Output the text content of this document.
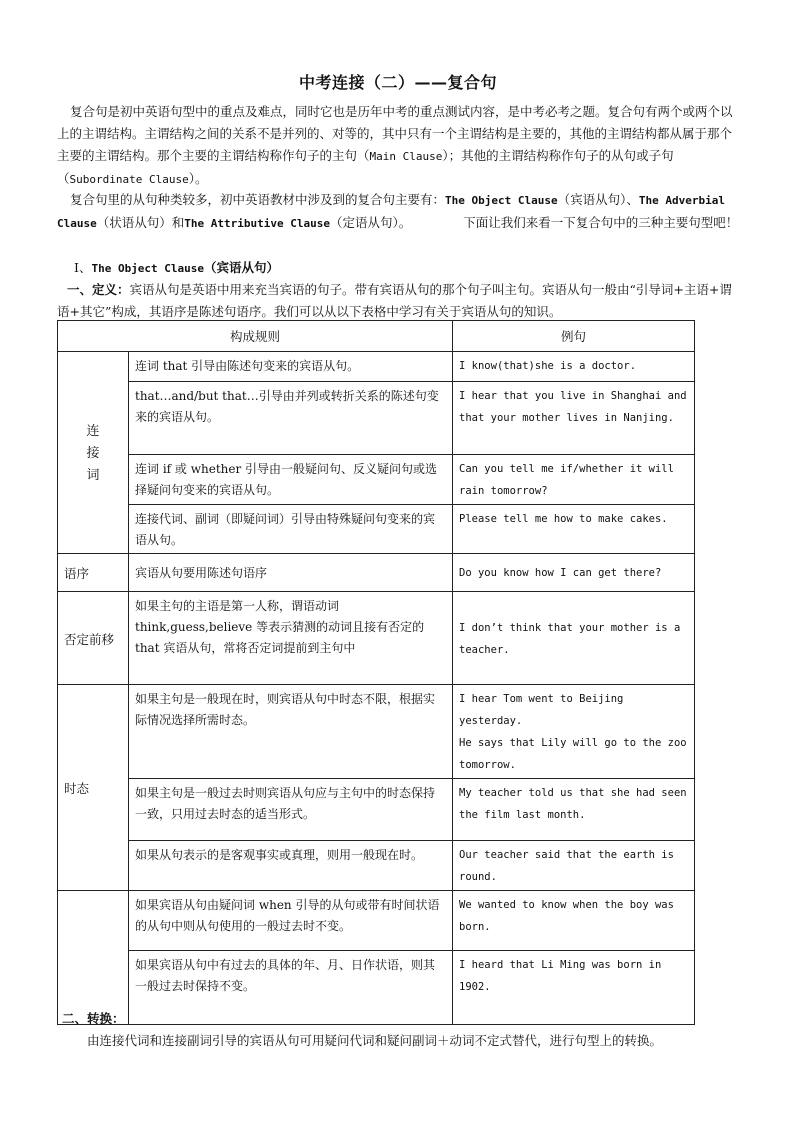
中考连接（二）——复合句
复合句是初中英语句型中的重点及难点，同时它也是历年中考的重点测试内容，是中考必考之题。复合句有两个或两个以上的主谓结构。主谓结构之间的关系不是并列的、对等的，其中只有一个主谓结构是主要的，其他的主谓结构都从属于那个主要的主谓结构。那个主要的主谓结构称作句子的主句（Main Clause）；其他的主谓结构称作句子的从句或子句（Subordinate Clause）。
复合句里的从句种类较多，初中英语教材中涉及到的复合句主要有：The Object Clause（宾语从句）、The Adverbial Clause（状语从句）和The Attributive Clause（定语从句）。	下面让我们来看一下复合句中的三种主要句型吧！
Ⅰ、The Object Clause（宾语从句）
一、定义：宾语从句是英语中用来充当宾语的句子。带有宾语从句的那个句子叫主句。宾语从句一般由“引导词+主语+谓语+其它”构成，其语序是陈述句语序。我们可以从以下表格中学习有关于宾语从句的知识。
构成规则		例句
连
接
词	连词 that 引导由陈述句变来的宾语从句。	I know(that)she is a doctor.
	that…and/but that…引导由并列或转折关系的陈述句变来的宾语从句。	I hear that you live in Shanghai and that your mother lives in Nanjing.
	连词 if 或 whether 引导由一般疑问句、反义疑问句或选择疑问句变来的宾语从句。	Can you tell me if/whether it will rain tomorrow?
	连接代词、副词（即疑问词）引导由特殊疑问句变来的宾语从句。	Please tell me how to make cakes.
语序	宾语从句要用陈述句语序	Do you know how I can get there?
否定前移	如果主句的主语是第一人称，谓语动词 think,guess,believe 等表示猜测的动词且接有否定的 that 宾语从句，常将否定词提前到主句中	I don’t think that your mother is a teacher.
时态	如果主句是一般现在时，则宾语从句中时态不限，根据实际情况选择所需时态。	I hear Tom went to Beijing yesterday.
He says that Lily will go to the zoo tomorrow.
	如果主句是一般过去时则宾语从句应与主句中的时态保持一致，只用过去时态的适当形式。	My teacher told us that she had seen the film last month.
	如果从句表示的是客观事实或真理，则用一般现在时。	Our teacher said that the earth is round.
	如果宾语从句由疑问词 when 引导的从句或带有时间状语的从句中则从句使用的一般过去时不变。	We wanted to know when the boy was born.
	如果宾语从句中有过去的具体的年、月、日作状语，则其一般过去时保持不变。	I heard that Li Ming was born in 1902.
二、转换：
由连接代词和连接副词引导的宾语从句可用疑问代词和疑问副词＋动词不定式替代，进行句型上的转换。
